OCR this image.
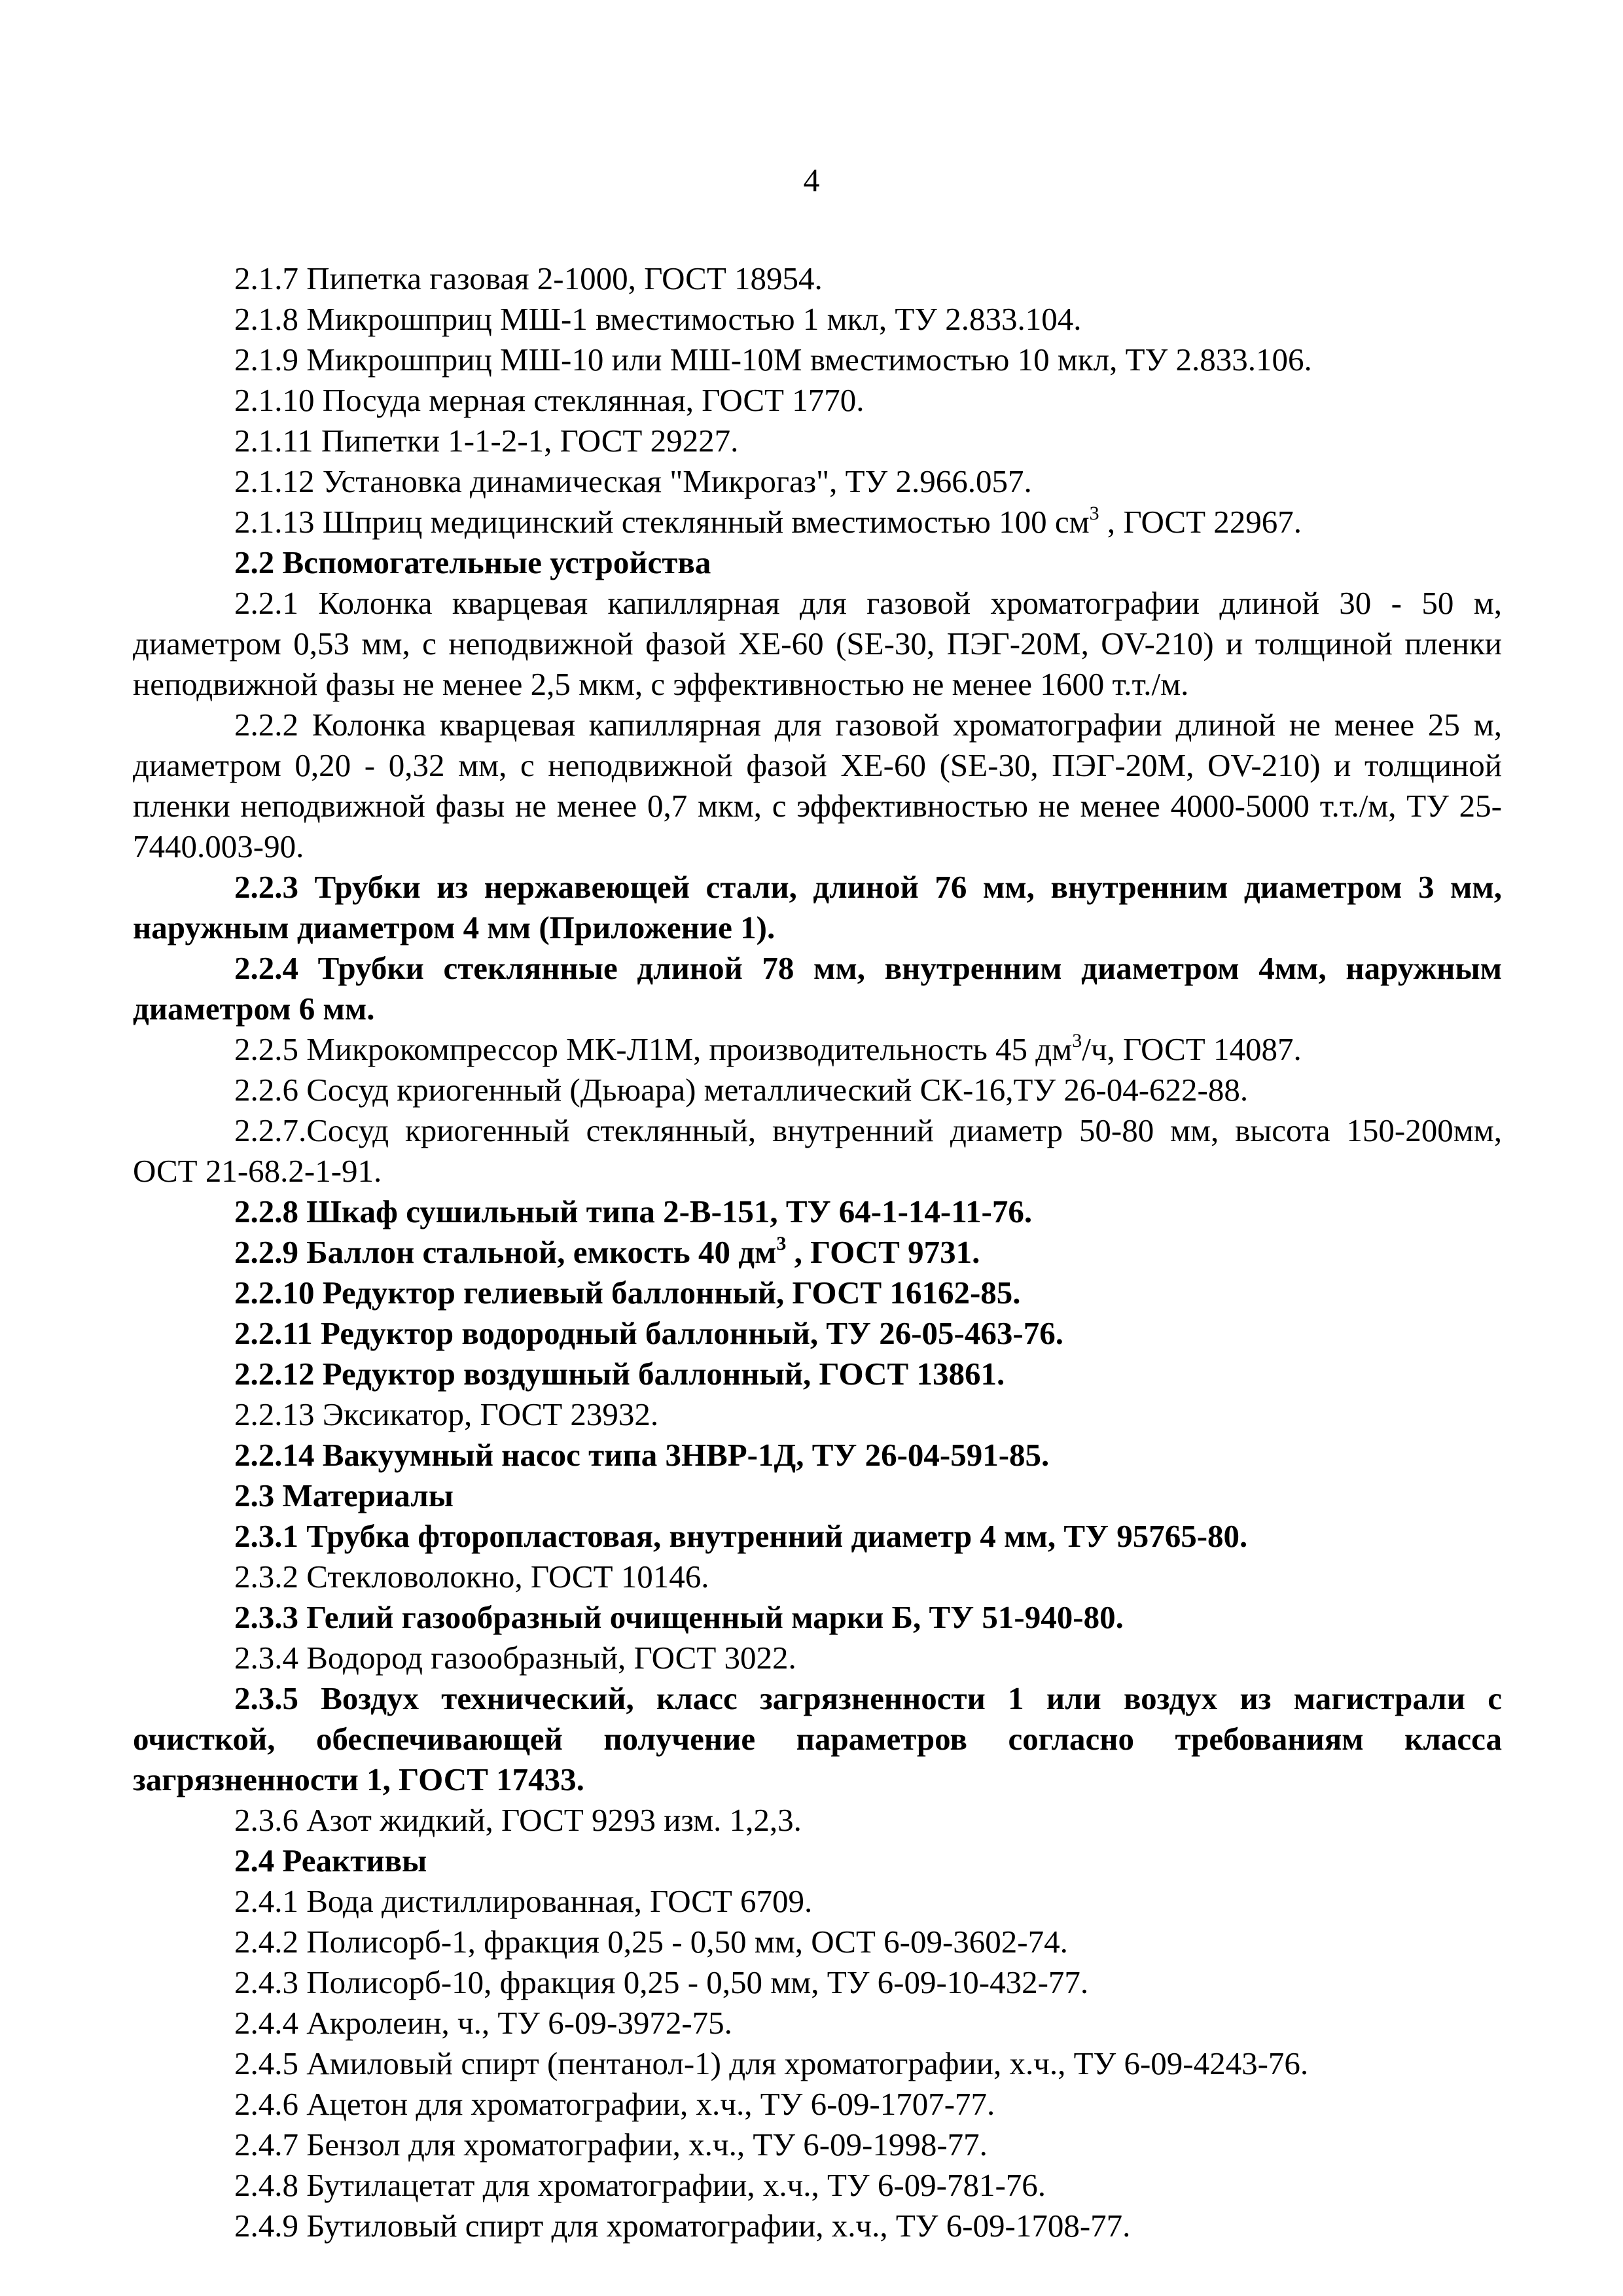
4
2.1.7 Пипетка газовая 2-1000, ГОСТ 18954.
2.1.8 Микрошприц МШ-1 вместимостью 1 мкл, ТУ 2.833.104.
2.1.9 Микрошприц МШ-10 или МШ-10М вместимостью 10 мкл, ТУ 2.833.106.
2.1.10 Посуда мерная стеклянная, ГОСТ 1770.
2.1.11 Пипетки 1-1-2-1, ГОСТ 29227.
2.1.12 Установка динамическая "Микрогаз", ТУ 2.966.057.
2.1.13 Шприц медицинский стеклянный вместимостью 100 $см^3$ , ГОСТ 22967.
2.2 Вспомогательные устройства

2.2.1 Колонка кварцевая капиллярная для газовой хроматографии длиной 30 - 50 м, диаметром 0,53 мм, с неподвижной фазой XE-60 (SE-30, ПЭГ-20М, OV-210) и толщиной пленки неподвижной фазы не менее 2,5 мкм, с эффективностью не менее 1600 т.т./м.

2.2.2 Колонка кварцевая капиллярная для газовой хроматографии длиной не менее 25 м, диаметром 0,20 - 0,32 мм, с неподвижной фазой XE-60 (SE-30, ПЭГ-20М, OV-210) и толщиной пленки неподвижной фазы не менее 0,7 мкм, с эффективностью не менее 4000-5000 т.т./м, ТУ 25-7440.003-90.

2.2.3 Трубки из нержавеющей стали, длиной 76 мм, внутренним диаметром 3 мм, наружным диаметром 4 мм (Приложение 1).

2.2.4 Трубки стеклянные длиной 78 мм, внутренним диаметром 4мм, наружным диаметром 6 мм.

2.2.5 Микрокомпрессор МК-Л1М, производительность 45 $дм^3/ч$, ГОСТ 14087.
2.2.6 Сосуд криогенный (Дьюара) металлический СК-16,ТУ 26-04-622-88.

2.2.7.Сосуд криогенный стеклянный, внутренний диаметр 50-80 мм, высота 150-200мм, ОСТ 21-68.2-1-91.

2.2.8 Шкаф сушильный типа 2-В-151, ТУ 64-1-14-11-76.
2.2.9 Баллон стальной, емкость 40 $дм^3$ , ГОСТ 9731.
2.2.10 Редуктор гелиевый баллонный, ГОСТ 16162-85.
2.2.11 Редуктор водородный баллонный, ТУ 26-05-463-76.
2.2.12 Редуктор воздушный баллонный, ГОСТ 13861.
2.2.13 Эксикатор, ГОСТ 23932.
2.2.14 Вакуумный насос типа 3НВР-1Д, ТУ 26-04-591-85.
2.3 Материалы
2.3.1 Трубка фторопластовая, внутренний диаметр 4 мм, ТУ 95765-80.
2.3.2 Стекловолокно, ГОСТ 10146.
2.3.3 Гелий газообразный очищенный марки Б, ТУ 51-940-80.
2.3.4 Водород газообразный, ГОСТ 3022.

2.3.5 Воздух технический, класс загрязненности 1 или воздух из магистрали с очисткой, обеспечивающей получение параметров согласно требованиям класса загрязненности 1, ГОСТ 17433.

2.3.6 Азот жидкий, ГОСТ 9293 изм. 1,2,3.
2.4 Реактивы
2.4.1 Вода дистиллированная, ГОСТ 6709.
2.4.2 Полисорб-1, фракция 0,25 - 0,50 мм, ОСТ 6-09-3602-74.
2.4.3 Полисорб-10, фракция 0,25 - 0,50 мм, ТУ 6-09-10-432-77.
2.4.4 Акролеин, ч., ТУ 6-09-3972-75.
2.4.5 Амиловый спирт (пентанол-1) для хроматографии, х.ч., ТУ 6-09-4243-76.
2.4.6 Ацетон для хроматографии, х.ч., ТУ 6-09-1707-77.
2.4.7 Бензол для хроматографии, х.ч., ТУ 6-09-1998-77.
2.4.8 Бутилацетат для хроматографии, х.ч., ТУ 6-09-781-76.
2.4.9 Бутиловый спирт для хроматографии, х.ч., ТУ 6-09-1708-77.
